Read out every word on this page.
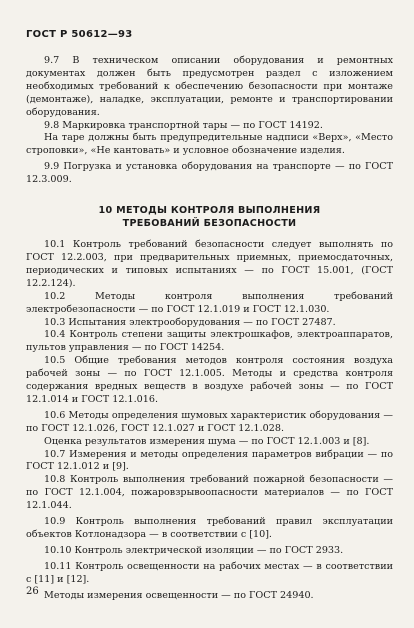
ГОСТ Р 50612—93

9.7 В техническом описании оборудования и ремонтных документах должен быть предусмотрен раздел с изложением необходимых требований к обеспечению безопасности при монтаже (демонтаже), наладке, эксплуатации, ремонте и транспортировании оборудования.

9.8 Маркировка транспортной тары — по ГОСТ 14192.

На таре должны быть предупредительные надписи «Верх», «Место строповки», «Не кантовать» и условное обозначение изделия.

9.9 Погрузка и установка оборудования на транспорте — по ГОСТ 12.3.009.

10 МЕТОДЫ КОНТРОЛЯ ВЫПОЛНЕНИЯ
ТРЕБОВАНИЙ БЕЗОПАСНОСТИ

10.1 Контроль требований безопасности следует выполнять по ГОСТ 12.2.003, при предварительных приемных, приемосдаточных, периодических и типовых испытаниях — по ГОСТ 15.001, (ГОСТ 12.2.124).

10.2 Методы контроля выполнения требований электробезопасности — по ГОСТ 12.1.019 и ГОСТ 12.1.030.

10.3 Испытания электрооборудования — по ГОСТ 27487.

10.4 Контроль степени защиты электрошкафов, электроаппаратов, пультов управления — по ГОСТ 14254.

10.5 Общие требования методов контроля состояния воздуха рабочей зоны — по ГОСТ 12.1.005. Методы и средства контроля содержания вредных веществ в воздухе рабочей зоны — по ГОСТ 12.1.014 и ГОСТ 12.1.016.

10.6 Методы определения шумовых характеристик оборудования — по ГОСТ 12.1.026, ГОСТ 12.1.027 и ГОСТ 12.1.028.

Оценка результатов измерения шума — по ГОСТ 12.1.003 и [8].

10.7 Измерения и методы определения параметров вибрации — по ГОСТ 12.1.012 и [9].

10.8 Контроль выполнения требований пожарной безопасности — по ГОСТ 12.1.004, пожаровзрывоопасности материалов — по ГОСТ 12.1.044.

10.9 Контроль выполнения требований правил эксплуатации объектов Котлонадзора — в соответствии с [10].

10.10 Контроль электрической изоляции — по ГОСТ 2933.

10.11 Контроль освещенности на рабочих местах — в соответствии с [11] и [12].

Методы измерения освещенности — по ГОСТ 24940.

26
